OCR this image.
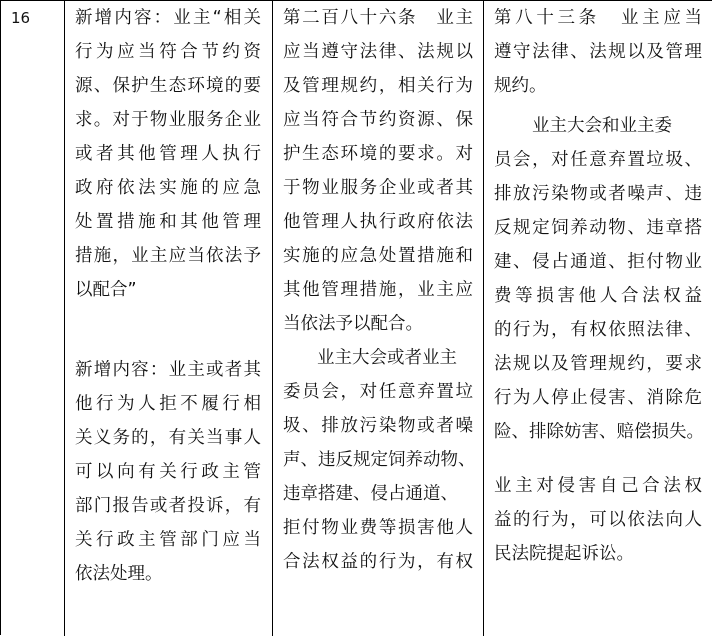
16	新增内容：业主“相关
行为应当符合节约资
源、保护生态环境的要
求。对于物业服务企业
或者其他管理人执行
政府依法实施的应急
处置措施和其他管理
措施，业主应当依法予
以配合”
新增内容：业主或者其
他行为人拒不履行相
关义务的，有关当事人
可以向有关行政主管
部门报告或者投诉，有
关行政主管部门应当
依法处理。
第二百八十六条　业主
应当遵守法律、法规以
及管理规约，相关行为
应当符合节约资源、保
护生态环境的要求。对
于物业服务企业或者其
他管理人执行政府依法
实施的应急处置措施和
其他管理措施，业主应
当依法予以配合。
业主大会或者业主
委员会，对任意弃置垃
圾、排放污染物或者噪
声、违反规定饲养动物、
违章搭建、侵占通道、
拒付物业费等损害他人
合法权益的行为，有权
第八十三条　业主应当
遵守法律、法规以及管理
规约。
业主大会和业主委
员会，对任意弃置垃圾、
排放污染物或者噪声、违
反规定饲养动物、违章搭
建、侵占通道、拒付物业
费等损害他人合法权益
的行为，有权依照法律、
法规以及管理规约，要求
行为人停止侵害、消除危
险、排除妨害、赔偿损失。
业主对侵害自己合法权
益的行为，可以依法向人
民法院提起诉讼。
